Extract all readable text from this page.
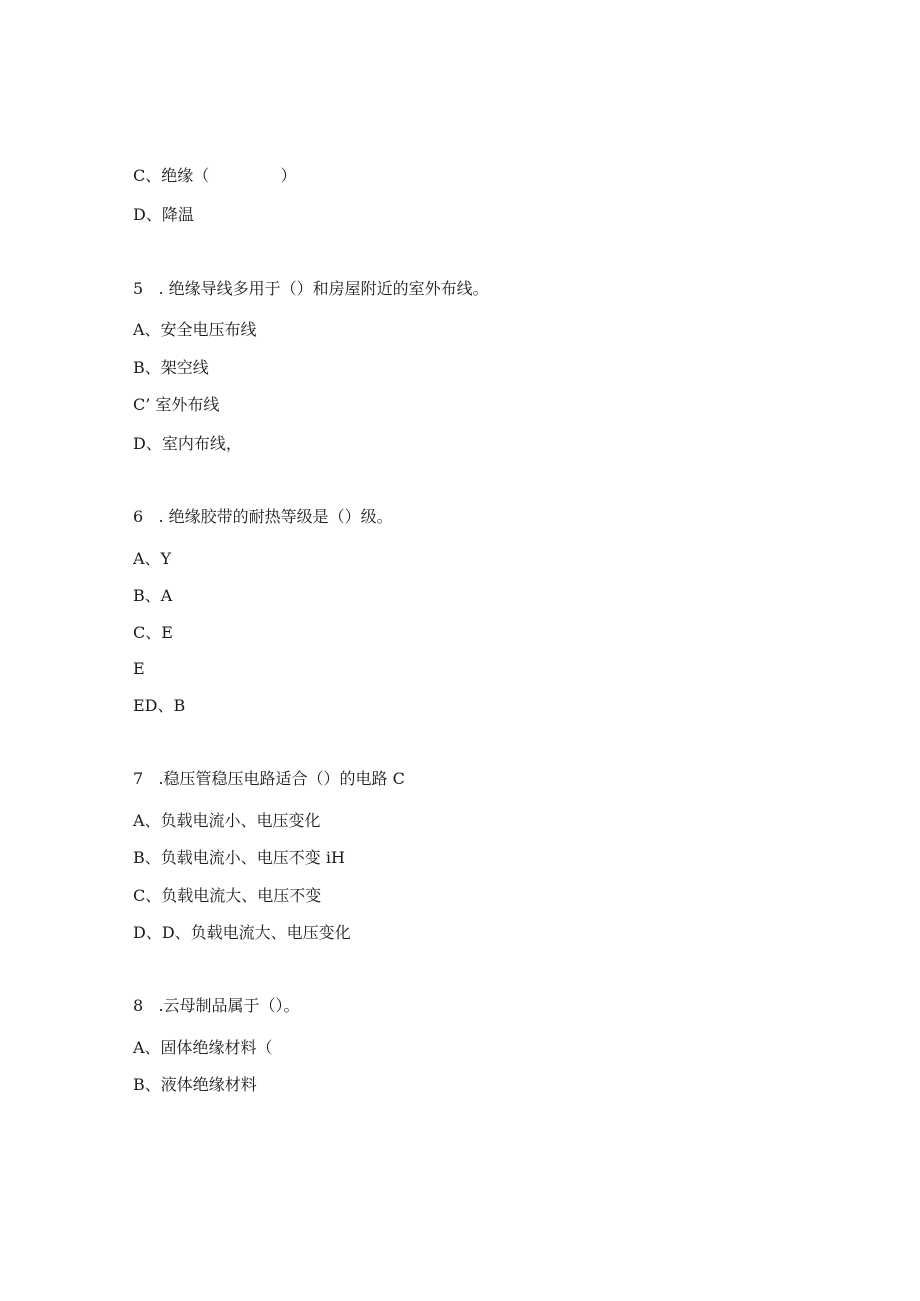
C、绝缘（              ）
D、降温
5   . 绝缘导线多用于（）和房屋附近的室外布线。
A、安全电压布线
B、架空线
C’ 室外布线
D、室内布线，
6   . 绝缘胶带的耐热等级是（）级。
A、Y
B、A
C、E
E
ED、B
7   .稳压管稳压电路适合（）的电路 C
A、负载电流小、电压变化
B、负载电流小、电压不变 iH
C、负载电流大、电压不变
D、D、负载电流大、电压变化
8   .云母制品属于（）。
A、固体绝缘材料（
B、液体绝缘材料
